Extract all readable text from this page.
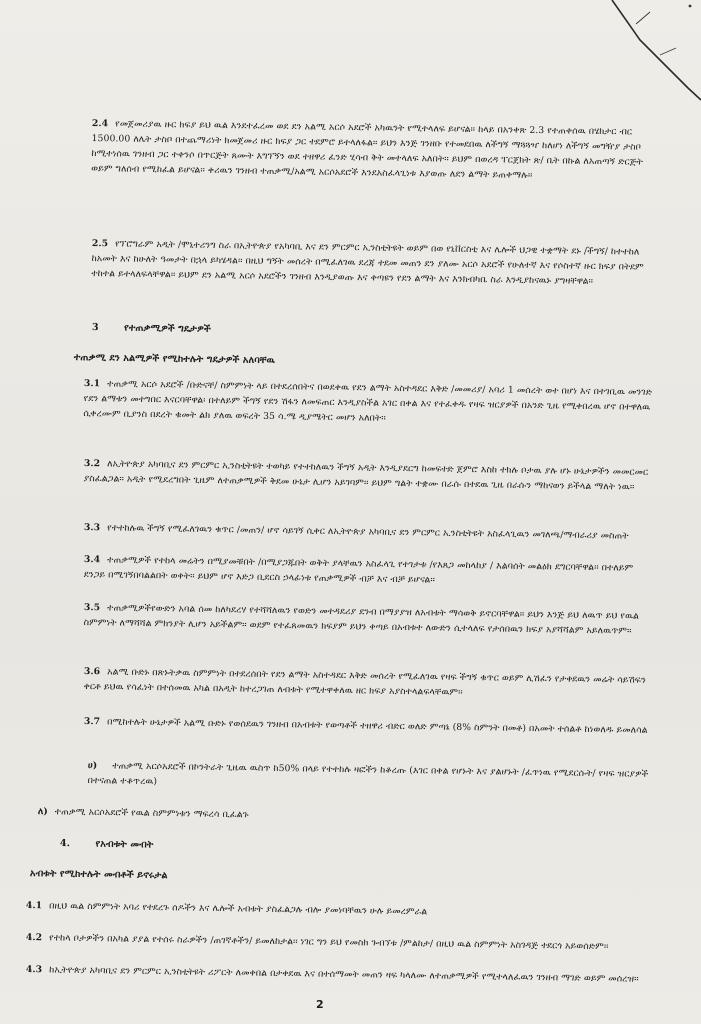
2.4 የመጀመሪያዉ ዙር ክፍያ ይህ ዉል እንደተፈረመ ወደ ደን አልሚ አርሶ አደሮች አካዉንት የሚተላለፍ ይሆናል፡፡ ከላይ በአንቀጽ 2.3 የተጠቀሰዉ በሄክታር ብር 1500.00 ለሌት ታስቦ በተጨማሪነት ክመጀመሪ ዙር ክፍያ ጋር ተደምሮ ይተላለፋል፡፡ ይህን እንጅ ገንዘቡ የተመደበዉ ለችግኝ ማጓጓዣ ከለሆነ ለችግኝ መግዥያ ታስቦ ከሚተነሰዉ ገንዘብ ጋር ተቀንሶ በጥርጅት ጸሙት እግፕኝን ወደ ተዘዋሪ ፈንድ ሂሳብ ቅት መተላለፍ አለበት፡፡ ይህም በወረዳ ፐርጀክት ጽ/ ቤት በኩል ለአጠጣኝ ድርጅት ወይም ግለሰብ የሚከፈል ይሆናል፡፡ ቀሪዉን ገንዘብ ተጠቃሚ/አልሚ አርሶአደሮች እንደአስፈላጊነቱ እያወጡ ለደን ልማት ይጠቀማሉ፡፡
2.5 የፕሮግራም አዲት /ሞኒተሪንግ ስራ በኢትዮጵያ የአካባቢ እና ደን ምርምር ኢንስቲትዩት ወይም በወ የኒቨርስቲ እና ሌሎች ህጋዊ ተቋማት ደኑ /ችግኝ/ ከተተከለ ከአመት እና ከሁለት ዓመታት በኋላ ይካሄዳል፡፡ በዚህ ግኝት መሰረት በሚፈለገዉ ደረጃ ተደመ መጠን ደን ያለሙ አርሶ አደሮች የሁለተኛ እና የሶስተኛ ዙር ክፍያ በትደም ተከተል ይተላለፍላቸዋል፡፡ ይህም ደን አልሚ አርሶ አደሮችን ገንዘብ እንዲያወጡ እና ቀጣዩን የደን ልማት እና እንክብካቤ ስራ እንዲያከናዉኑ ያግዛቸዋል፡፡
3	የተጠቃሚዎች ግዴታዎች
ተጠቃሚ ደን አልሚዎች የሚከተሉት ግዴታዎች አለባቸዉ
3.1 ተጠቃሚ አርሶ አደሮች /ቡድናቸ/ ስምምነት ላይ በተደረሰበትና በወደቀዉ የደን ልማት አስተዳደር እቅድ /መመሪያ/ አባሪ 1 መሰረት ወተ በሆነ እና በተገቢዉ መንገድ የደን ልማቱን መተግበር እናርባቸዋል፡ በተለይም ችግኝ የደን ሽፋን ለመፍጠር እንዲያስችል አገር በቀል እና የተፈቀዱ የዛፍ ዝርያዎች በአንድ ጊዜ የሚቀበረዉ ሆኖ በተዋለዉ ሲቀረሙም ቢያንስ በደረት ቁመት ልክ ያለዉ ወፍረት 35 ሳ.ሜ ዲያሜትር መሆን አለበት፡፡
3.2 ለኢትዮጵያ አካባቢና ደን ምርምር ኢንስቲትዩት ተወካይ የተተከለዉን ችግኝ አዲት እንዲያደርግ ከመፍተድ ጀምሮ እስከ ተክሉ ቦታዉ ያሉ ሆኑ ሁኔታዎችን መመርመር ያስፈልጋል፡፡ አዲት የሚደረግበት ጊዜም ለተጠቃሚዎች ቅደመ ሁኔታ ሊሆን አይገባም፡፡ ይህም ግልት ተቋሙ በራሱ በተደዉ ጊዜ በራሱን ማከናወን ይችላል ማለት ነዉ፡፡
3.3 የተተከሉዉ ችግኝ የሚፈለገዉን ቁጥር /መጠን/ ሆኖ ሳይገኝ ሲቀር ለኢትዮጵያ አካባቢና ደን ምርምር ኢንስቲትዩት አስፈላጊዉን መገለጫ/ማብራሪያ መስጠት
3.4 ተጠቃሚዎች የተከላ መሬትን በሚያመቹበት /በሚያጋጁበት ወቅት ያላቸዉን አስፈላጊ የተገታቱ /የእጸጋ መከላከያ / እልባሰት መልዕክ ደግርባቸዋል፡፡ በተለይም ደንጋይ በሚገኝበባልልበት ወቀት፡፡ ይህም ሆኖ እድጋ ቢደርስ ኃላፊነቱ የጠቃሚዎች ብቻ እና ብቻ ይሆናል፡፡
3.5 ተጠቃሚዎችየውድን አባል ሰመ ከለካደረሃ የተሻሻለዉን የወድን መተዳደሪያ ደንብ በማያያዝ ለአብቱት ማሳወቅ ይኖርባቸዋል፡፡ ይህን እንጅ ይህ ለዉጥ ይህ የዉል ስምምነት ለማሻሻል ምክንያት ሊሆን አይችልም፡፡ ወደም የተፈጸመዉን ክፍያም ይህን ቀጣይ በአብቱተ ለውድን ሲተላለፍ የታሰበዉን ክፍያ አያሻሻልም አይለዉጥም፡፡
3.6 አልሚ ቡድኑ በጽኑትቃዉ ስምምነት በተደረሰበት የደን ልማት አስተዳደር እቅድ መሰረት የሚፈለገዉ የዛፍ ችግኝ ቁጥር ወይም ሊሽፈን የታቀደዉን መሬት ሳይሽፍን ቀርቶ ይህዉ የሳፈነት በተሰመዉ አካል በአዲት ከተረጋገጠ ለብቱት የሚተዋቀለዉ ዘር ክፍያ አያስተላልፍላቸዉም፡፡
3.7 በሚከተሉት ሁኔታዎች አልሚ ቡድኑ የወሰደዉን ገንዘብ በአብቱት የወጣቶች ተዘዋሪ ብድር ወለድ ምጣኔ (8% ስምንት በመቶ) በአመት ተሰልቶ ከነወለዱ ይመለሳል
ሀ) ተጠቃሚ አርሶአደሮች በኮንትራት ጊዜዉ ዉስጥ ከ50% በላይ የተተከሉ ዛፎችን ከቆረጡ (እገር በቀል የሆኑት እና ያልሆኑት /ፈጥነዉ የሚደርሱት/ የዛፍ ዝርያዎች በተናጠል ተቆጥረዉ)
ለ) ተጠቃሚ አርሶአደሮች የዉል ስምምነቱን ማፍረሳ ቢፈልጉ
4.	የአብቱት መብት
አብቱት የሚከተሉት መብቶች ይኖሩታል
4.1 በዚህ ዉል ስምምነት አባሪ የተደረጉ ሰዶችን እና ሌሎች አብቱት ያስፈልጋሉ ብሎ ያመነባቸዉን ሁሉ ይመረምራል
4.2 የተከላ ቦታዎችን በአካል ያያል የተሰሩ ስራዎችን /ጠገኛቶችን/ ይመለከታል፡፡ ነገር ግን ይህ የመስክ ጉብኘቱ /ምልከታ/ በዚህ ዉል ስምምነት አስገዳጅ ተደርጎ አይወሰድም፡፡
4.3 ከኢትዮጵያ አካባቢና ደን ምርምር ኢንስቲትዩት ሪፖርት ለመቀበል በታቀደዉ እና በተሰማመት መጠን ዛፍ ካላለሙ ለተጠቃሚዎች የሚተላለፈዉን ገንዘብ ማገድ ወይም መሰረዝ፡፡
2
